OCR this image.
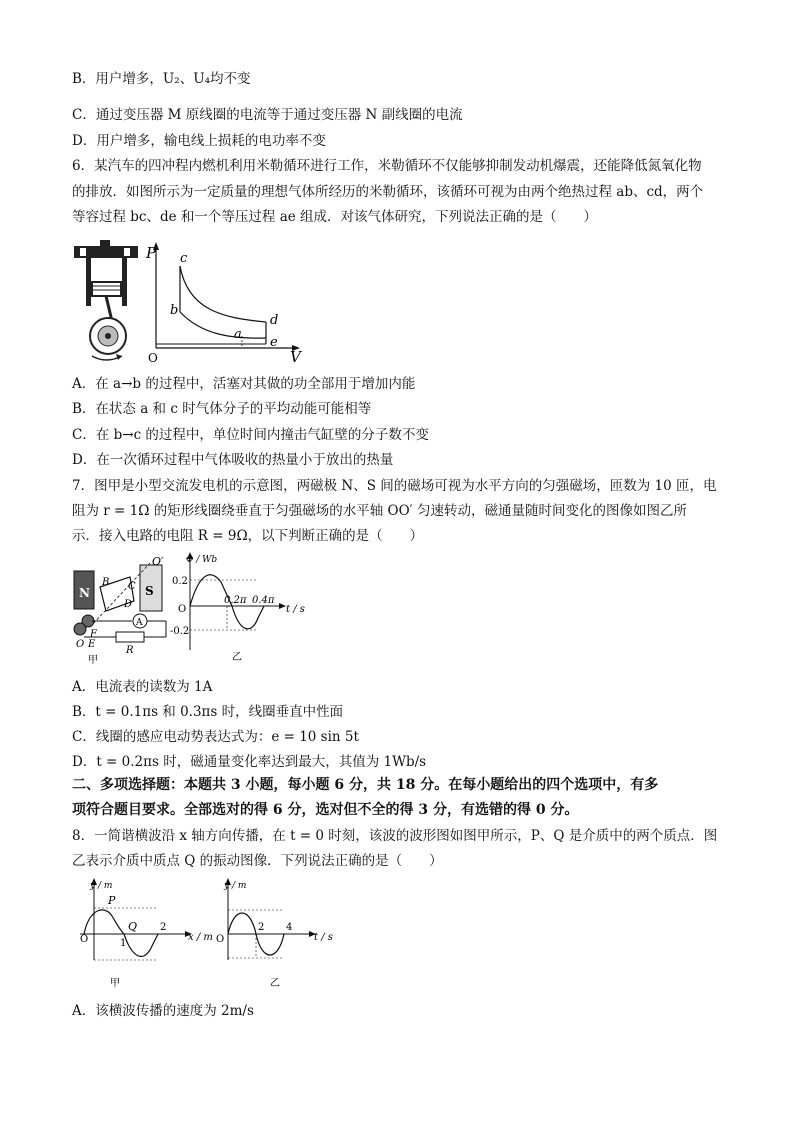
B．用户增多，U₂、U₄均不变
C．通过变压器 M 原线圈的电流等于通过变压器 N 副线圈的电流
D．用户增多，输电线上损耗的电功率不变
6．某汽车的四冲程内燃机利用米勒循环进行工作，米勒循环不仅能够抑制发动机爆震，还能降低氮氧化物
的排放．如图所示为一定质量的理想气体所经历的米勒循环，该循环可视为由两个绝热过程 ab、cd，两个
等容过程 bc、de 和一个等压过程 ae 组成．对该气体研究，下列说法正确的是（　　）
P
V
O
c
b
a
d
e
A．在 a→b 的过程中，活塞对其做的功全部用于增加内能
B．在状态 a 和 c 时气体分子的平均动能可能相等
C．在 b→c 的过程中，单位时间内撞击气缸壁的分子数不变
D．在一次循环过程中气体吸收的热量小于放出的热量
7．图甲是小型交流发电机的示意图，两磁极 N、S 间的磁场可视为水平方向的匀强磁场，匝数为 10 匝，电
阻为 r = 1Ω 的矩形线圈绕垂直于匀强磁场的水平轴 OO′ 匀速转动，磁通量随时间变化的图像如图乙所
示．接入电路的电阻 R = 9Ω，以下判断正确的是（　　）
N	S
O′
C
D
B
F
E
O
A
R
甲
Φ / Wb
t / s
O
0.2
-0.2
0.2π 0.4π
乙
A．电流表的读数为 1A
B．t = 0.1πs 和 0.3πs 时，线圈垂直中性面
C．线圈的感应电动势表达式为：e = 10 sin 5t
D．t = 0.2πs 时，磁通量变化率达到最大，其值为 1Wb/s
二、多项选择题：本题共 3 小题，每小题 6 分，共 18 分。在每小题给出的四个选项中，有多
项符合题目要求。全部选对的得 6 分，选对但不全的得 3 分，有选错的得 0 分。
8．一简谐横波沿 x 轴方向传播，在 t = 0 时刻，该波的波形图如图甲所示，P、Q 是介质中的两个质点．图
乙表示介质中质点 Q 的振动图像．下列说法正确的是（　　）
y / m
x / m
O
P
Q
1
2
甲
y / m
t / s
O
2 4
乙
A．该横波传播的速度为 2m/s
